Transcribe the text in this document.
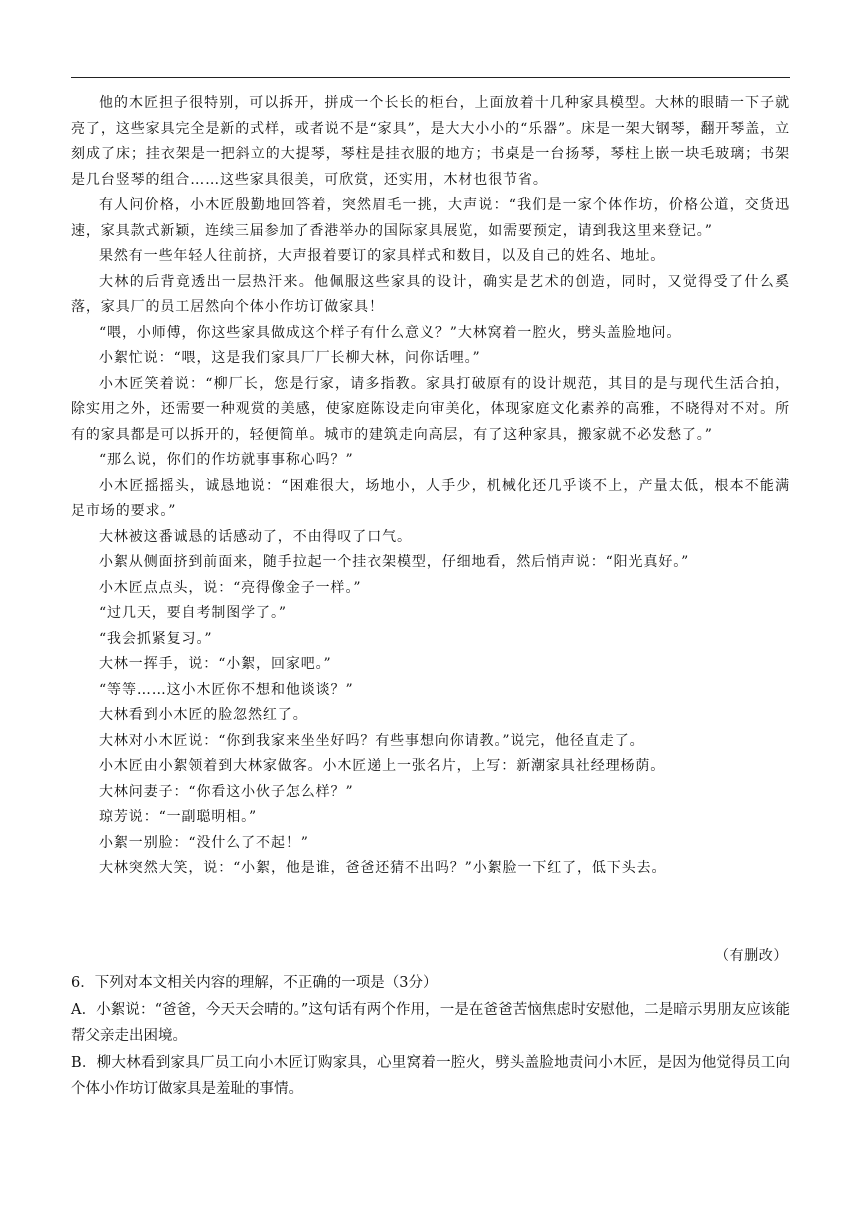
他的木匠担子很特别，可以拆开，拼成一个长长的柜台，上面放着十几种家具模型。大林的眼睛一下子就亮了，这些家具完全是新的式样，或者说不是“家具”，是大大小小的“乐器”。床是一架大钢琴，翻开琴盖，立刻成了床；挂衣架是一把斜立的大提琴，琴柱是挂衣服的地方；书桌是一台扬琴，琴柱上嵌一块毛玻璃；书架是几台竖琴的组合……这些家具很美，可欣赏，还实用，木材也很节省。

有人问价格，小木匠殷勤地回答着，突然眉毛一挑，大声说：“我们是一家个体作坊，价格公道，交货迅速，家具款式新颖，连续三届参加了香港举办的国际家具展览，如需要预定，请到我这里来登记。”

果然有一些年轻人往前挤，大声报着要订的家具样式和数目，以及自己的姓名、地址。

大林的后背竟透出一层热汗来。他佩服这些家具的设计，确实是艺术的创造，同时，又觉得受了什么奚落，家具厂的员工居然向个体小作坊订做家具！

“喂，小师傅，你这些家具做成这个样子有什么意义？”大林窝着一腔火，劈头盖脸地问。

小絮忙说：“喂，这是我们家具厂厂长柳大林，问你话哩。”

小木匠笑着说：“柳厂长，您是行家，请多指教。家具打破原有的设计规范，其目的是与现代生活合拍，除实用之外，还需要一种观赏的美感，使家庭陈设走向审美化，体现家庭文化素养的高雅，不晓得对不对。所有的家具都是可以拆开的，轻便简单。城市的建筑走向高层，有了这种家具，搬家就不必发愁了。”

“那么说，你们的作坊就事事称心吗？”

小木匠摇摇头，诚恳地说：“困难很大，场地小，人手少，机械化还几乎谈不上，产量太低，根本不能满足市场的要求。”

大林被这番诚恳的话感动了，不由得叹了口气。

小絮从侧面挤到前面来，随手拉起一个挂衣架模型，仔细地看，然后悄声说：“阳光真好。”

小木匠点点头，说：“亮得像金子一样。”

“过几天，要自考制图学了。”

“我会抓紧复习。”

大林一挥手，说：“小絮，回家吧。”

“等等……这小木匠你不想和他谈谈？”

大林看到小木匠的脸忽然红了。

大林对小木匠说：“你到我家来坐坐好吗？有些事想向你请教。”说完，他径直走了。

小木匠由小絮领着到大林家做客。小木匠递上一张名片，上写：新潮家具社经理杨荫。

大林问妻子：“你看这小伙子怎么样？”

琼芳说：“一副聪明相。”

小絮一别脸：“没什么了不起！”

大林突然大笑，说：“小絮，他是谁，爸爸还猜不出吗？”小絮脸一下红了，低下头去。

（有删改）

6．下列对本文相关内容的理解，不正确的一项是（3分）

A．小絮说：“爸爸，今天天会晴的。”这句话有两个作用，一是在爸爸苦恼焦虑时安慰他，二是暗示男朋友应该能帮父亲走出困境。

B．柳大林看到家具厂员工向小木匠订购家具，心里窝着一腔火，劈头盖脸地责问小木匠，是因为他觉得员工向个体小作坊订做家具是羞耻的事情。
